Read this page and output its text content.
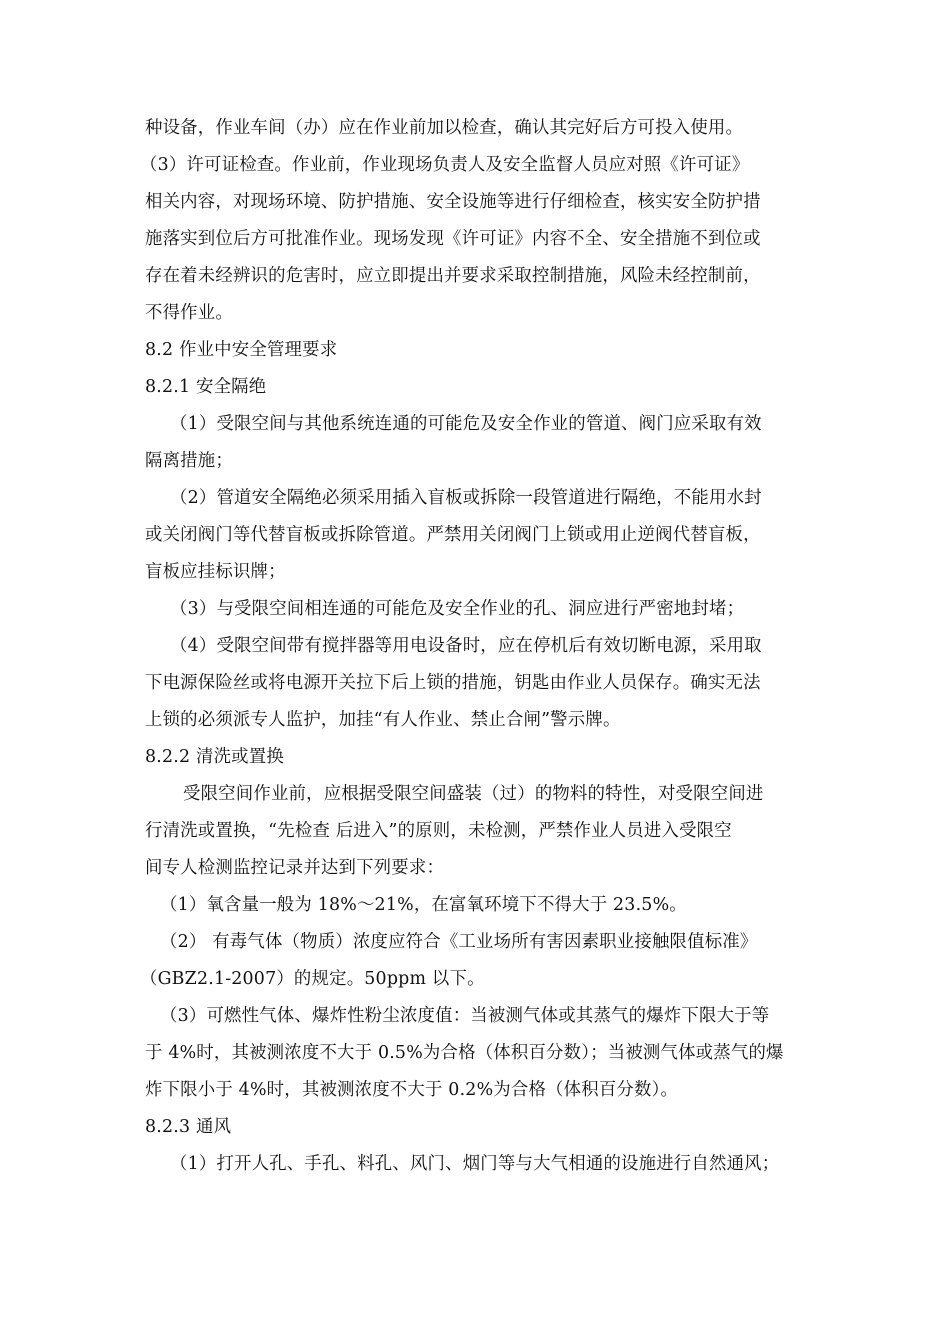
种设备，作业车间（办）应在作业前加以检查，确认其完好后方可投入使用。
（3）许可证检查。作业前，作业现场负责人及安全监督人员应对照《许可证》
相关内容，对现场环境、防护措施、安全设施等进行仔细检查，核实安全防护措
施落实到位后方可批准作业。现场发现《许可证》内容不全、安全措施不到位或
存在着未经辨识的危害时，应立即提出并要求采取控制措施，风险未经控制前，
不得作业。
8.2 作业中安全管理要求
8.2.1 安全隔绝
（1）受限空间与其他系统连通的可能危及安全作业的管道、阀门应采取有效
隔离措施；
（2）管道安全隔绝必须采用插入盲板或拆除一段管道进行隔绝，不能用水封
或关闭阀门等代替盲板或拆除管道。严禁用关闭阀门上锁或用止逆阀代替盲板，
盲板应挂标识牌；
（3）与受限空间相连通的可能危及安全作业的孔、洞应进行严密地封堵；
（4）受限空间带有搅拌器等用电设备时，应在停机后有效切断电源，采用取
下电源保险丝或将电源开关拉下后上锁的措施，钥匙由作业人员保存。确实无法
上锁的必须派专人监护，加挂“有人作业、禁止合闸”警示牌。
8.2.2 清洗或置换
受限空间作业前，应根据受限空间盛装（过）的物料的特性，对受限空间进
行清洗或置换，“先检查 后进入”的原则，未检测，严禁作业人员进入受限空
间专人检测监控记录并达到下列要求：
（1）氧含量一般为 18%～21%，在富氧环境下不得大于 23.5%。
（2） 有毒气体（物质）浓度应符合《工业场所有害因素职业接触限值标准》
（GBZ2.1-2007）的规定。50ppm 以下。
（3）可燃性气体、爆炸性粉尘浓度值：当被测气体或其蒸气的爆炸下限大于等
于 4%时，其被测浓度不大于 0.5%为合格（体积百分数）；当被测气体或蒸气的爆
炸下限小于 4%时，其被测浓度不大于 0.2%为合格（体积百分数）。
8.2.3 通风
（1）打开人孔、手孔、料孔、风门、烟门等与大气相通的设施进行自然通风；
